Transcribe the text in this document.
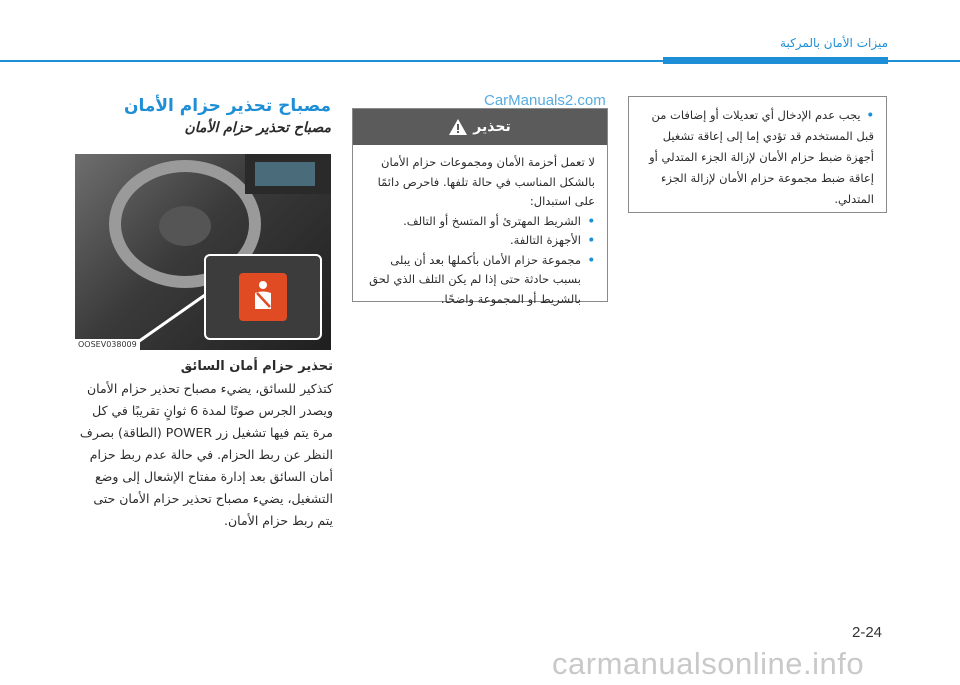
ميزات الأمان بالمركبة
مصباح تحذير حزام الأمان
مصباح تحذير حزام الأمان
OOSEV038009
تحذير حزام أمان السائق
كتذكير للسائق، يضيء مصباح تحذير حزام الأمان ويصدر الجرس صوتًا لمدة 6 ثوانٍ تقريبًا في كل مرة يتم فيها تشغيل زر POWER (الطاقة) بصرف النظر عن ربط الحزام. في حالة عدم ربط حزام أمان السائق بعد إدارة مفتاح الإشعال إلى وضع التشغيل، يضيء مصباح تحذير حزام الأمان حتى يتم ربط حزام الأمان.
تحذير
لا تعمل أحزمة الأمان ومجموعات حزام الأمان بالشكل المناسب في حالة تلفها. فاحرص دائمًا على استبدال:
• الشريط المهترئ أو المتسخ أو التالف.
• الأجهزة التالفة.
• مجموعة حزام الأمان بأكملها بعد أن يبلى بسبب حادثة حتى إذا لم يكن التلف الذي لحق بالشريط أو المجموعة واضحًا.
•يجب عدم الإدخال أي تعديلات أو إضافات من قبل المستخدم قد تؤدي إما إلى إعاقة تشغيل أجهزة ضبط حزام الأمان لإزالة الجزء المتدلي أو إعاقة ضبط مجموعة حزام الأمان لإزالة الجزء المتدلي.
CarManuals2.com
2-24
carmanualsonline.info
